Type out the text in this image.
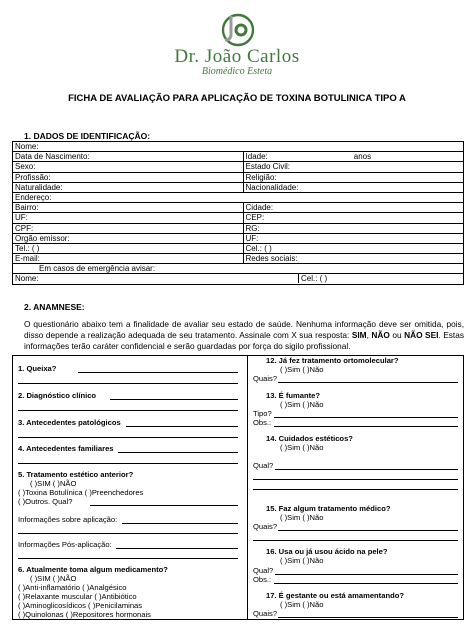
Dr. João Carlos
Biomédico Esteta
FICHA DE AVALIAÇÃO PARA APLICAÇÃO DE TOXINA BOTULINICA TIPO A
1. DADOS DE IDENTIFICAÇÃO:
Nome:	
Data de Nascimento:	Idade: anos

Sexo:	Estado Civil:
Profissão:	Religião:
Naturalidade:	Nacionalidade:
Endereço:	
Bairro:	Cidade:
UF:	CEP:
CPF:	RG:
Orgão emissor:	UF:
Tel.: ( )	Cel.: ( )
E-mail:	Redes sociais:
Em casos de emergência avisar:	

Nome: Cel.: ( )	
2. ANAMNESE:
O questionário abaixo tem a finalidade de avaliar seu estado de saúde. Nenhuma informação deve ser omitida, pois, disso depende a realização adequada de seu tratamento. Assinale com X sua resposta: SIM, NÃO ou NÃO SEI. Estas informações terão caráter confidencial e serão guardadas por força do sigilo profissional.
1. Queixa?
2. Diagnóstico clínico
3. Antecedentes patológicos
4. Antecedentes familiares
5. Tratamento estético anterior?
( )SIM ( )NÃO
( )Toxina Botulínica ( )Preenchedores
( )Outros. Qual?
Informações sobre aplicação:
Informações Pós-aplicação:
6. Atualmente toma algum medicamento?
( )SIM ( )NÃO
( )Anti-inflamatório ( )Analgésico
( )Relaxante muscular ( )Antibiótico
( )Aminoglicosídicos ( )Penicilaminas
( )Quinolonas ( )Repositores hormonais
12. Já fez tratamento ortomolecular?
( )Sim ( )Não
Quais?
13. É fumante?
( )Sim ( )Não
Tipo?
Obs.:
14. Cuidados estéticos?
( )Sim ( )Não
Qual?
15. Faz algum tratamento médico?
( )Sim ( )Não
Quais?
16. Usa ou já usou ácido na pele?
( )Sim ( )Não
Qual?
Obs.:
17. É gestante ou está amamentando?
( )Sim ( )Não
Quais?
